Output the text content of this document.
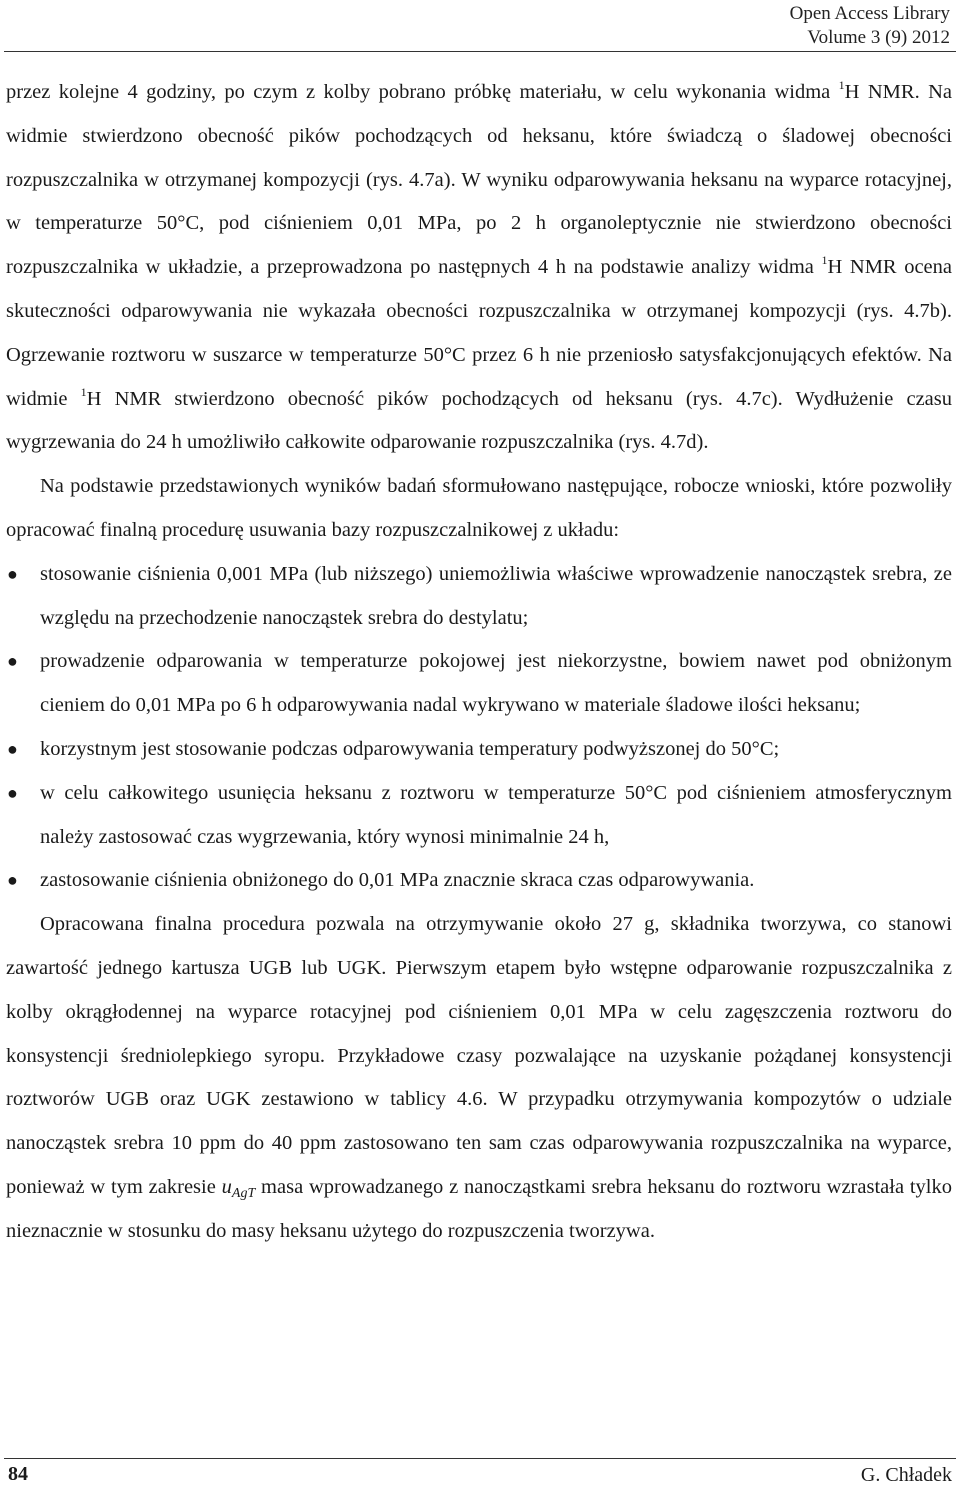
Open Access Library
Volume 3 (9) 2012

przez kolejne 4 godziny, po czym z kolby pobrano próbkę materiału, w celu wykonania widma $^1$H NMR. Na widmie stwierdzono obecność pików pochodzących od heksanu, które świadczą o śladowej obecności rozpuszczalnika w otrzymanej kompozycji (rys. 4.7a). W wyniku odparowywania heksanu na wyparce rotacyjnej, w temperaturze 50°C, pod ciśnieniem 0,01 MPa, po 2 h organoleptycznie nie stwierdzono obecności rozpuszczalnika w układzie, a przeprowadzona po następnych 4 h na podstawie analizy widma $^1$H NMR ocena skuteczności odparowywania nie wykazała obecności rozpuszczalnika w otrzymanej kompozycji (rys. 4.7b). Ogrzewanie roztworu w suszarce w temperaturze 50°C przez 6 h nie przeniosło satysfakcjonujących efektów. Na widmie $^1$H NMR stwierdzono obecność pików pochodzących od heksanu (rys. 4.7c). Wydłużenie czasu wygrzewania do 24 h umożliwiło całkowite odparowanie rozpuszczalnika (rys. 4.7d).

Na podstawie przedstawionych wyników badań sformułowano następujące, robocze wnioski, które pozwoliły opracować finalną procedurę usuwania bazy rozpuszczalnikowej z układu:

● stosowanie ciśnienia 0,001 MPa (lub niższego) uniemożliwia właściwe wprowadzenie nanocząstek srebra, ze względu na przechodzenie nanocząstek srebra do destylatu;
● prowadzenie odparowania w temperaturze pokojowej jest niekorzystne, bowiem nawet pod obniżonym cieniem do 0,01 MPa po 6 h odparowywania nadal wykrywano w materiale śladowe ilości heksanu;
● korzystnym jest stosowanie podczas odparowywania temperatury podwyższonej do 50°C;
● w celu całkowitego usunięcia heksanu z roztworu w temperaturze 50°C pod ciśnieniem atmosferycznym należy zastosować czas wygrzewania, który wynosi minimalnie 24 h,
● zastosowanie ciśnienia obniżonego do 0,01 MPa znacznie skraca czas odparowywania.

Opracowana finalna procedura pozwala na otrzymywanie około 27 g, składnika tworzywa, co stanowi zawartość jednego kartusza UGB lub UGK. Pierwszym etapem było wstępne odparowanie rozpuszczalnika z kolby okrągłodennej na wyparce rotacyjnej pod ciśnieniem 0,01 MPa w celu zagęszczenia roztworu do konsystencji średniolepkiego syropu. Przykładowe czasy pozwalające na uzyskanie pożądanej konsystencji roztworów UGB oraz UGK zestawiono w tablicy 4.6. W przypadku otrzymywania kompozytów o udziale nanocząstek srebra 10 ppm do 40 ppm zastosowano ten sam czas odparowywania rozpuszczalnika na wyparce, ponieważ w tym zakresie $u_{AgT}$ masa wprowadzanego z nanocząstkami srebra heksanu do roztworu wzrastała tylko nieznacznie w stosunku do masy heksanu użytego do rozpuszczenia tworzywa.

84	G. Chładek
